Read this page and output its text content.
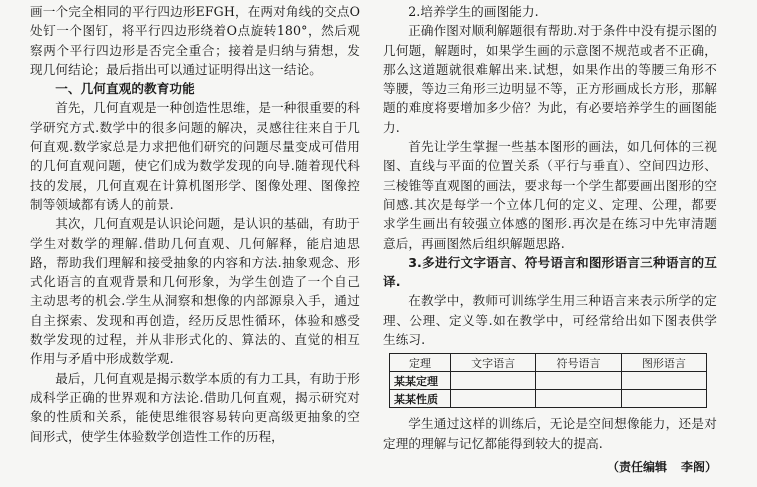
画一个完全相同的平行四边形EFGH，在两对角线的交点O处钉一个图钉，将平行四边形绕着O点旋转180°，然后观察两个平行四边形是否完全重合；接着是归纳与猜想，发现几何结论；最后指出可以通过证明得出这一结论。

一、几何直观的教育功能

首先，几何直观是一种创造性思维，是一种很重要的科学研究方式.数学中的很多问题的解决，灵感往往来自于几何直观.数学家总是力求把他们研究的问题尽量变成可借用的几何直观问题，使它们成为数学发现的向导.随着现代科技的发展，几何直观在计算机图形学、图像处理、图像控制等领域都有诱人的前景.

其次，几何直观是认识论问题，是认识的基础，有助于学生对数学的理解.借助几何直观、几何解释，能启迪思路，帮助我们理解和接受抽象的内容和方法.抽象观念、形式化语言的直观背景和几何形象，为学生创造了一个自己主动思考的机会.学生从洞察和想像的内部源泉入手，通过自主探索、发现和再创造，经历反思性循环，体验和感受数学发现的过程，并从非形式化的、算法的、直觉的相互作用与矛盾中形成数学观.

最后，几何直观是揭示数学本质的有力工具，有助于形成科学正确的世界观和方法论.借助几何直观，揭示研究对象的性质和关系，能使思维很容易转向更高级更抽象的空间形式，使学生体验数学创造性工作的历程，

2.培养学生的画图能力.

正确作图对顺利解题很有帮助.对于条件中没有提示图的几何题，解题时，如果学生画的示意图不规范或者不正确，那么这道题就很难解出来.试想，如果作出的等腰三角形不等腰，等边三角形三边明显不等，正方形画成长方形，那解题的难度将要增加多少倍？为此，有必要培养学生的画图能力.

首先让学生掌握一些基本图形的画法，如几何体的三视图、直线与平面的位置关系（平行与垂直）、空间四边形、三棱锥等直观图的画法，要求每一个学生都要画出图形的空间感.其次是每学一个立体几何的定义、定理、公理，都要求学生画出有较强立体感的图形.再次是在练习中先审清题意后，再画图然后组织解题思路.

3.多进行文字语言、符号语言和图形语言三种语言的互译.

在教学中，教师可训练学生用三种语言来表示所学的定理、公理、定义等.如在教学中，可经常给出如下图表供学生练习.

定理	文字语言	符号语言	图形语言
某某定理			
某某性质			

学生通过这样的训练后，无论是空间想像能力，还是对定理的理解与记忆都能得到较大的提高.

（责任编辑 李阁）
